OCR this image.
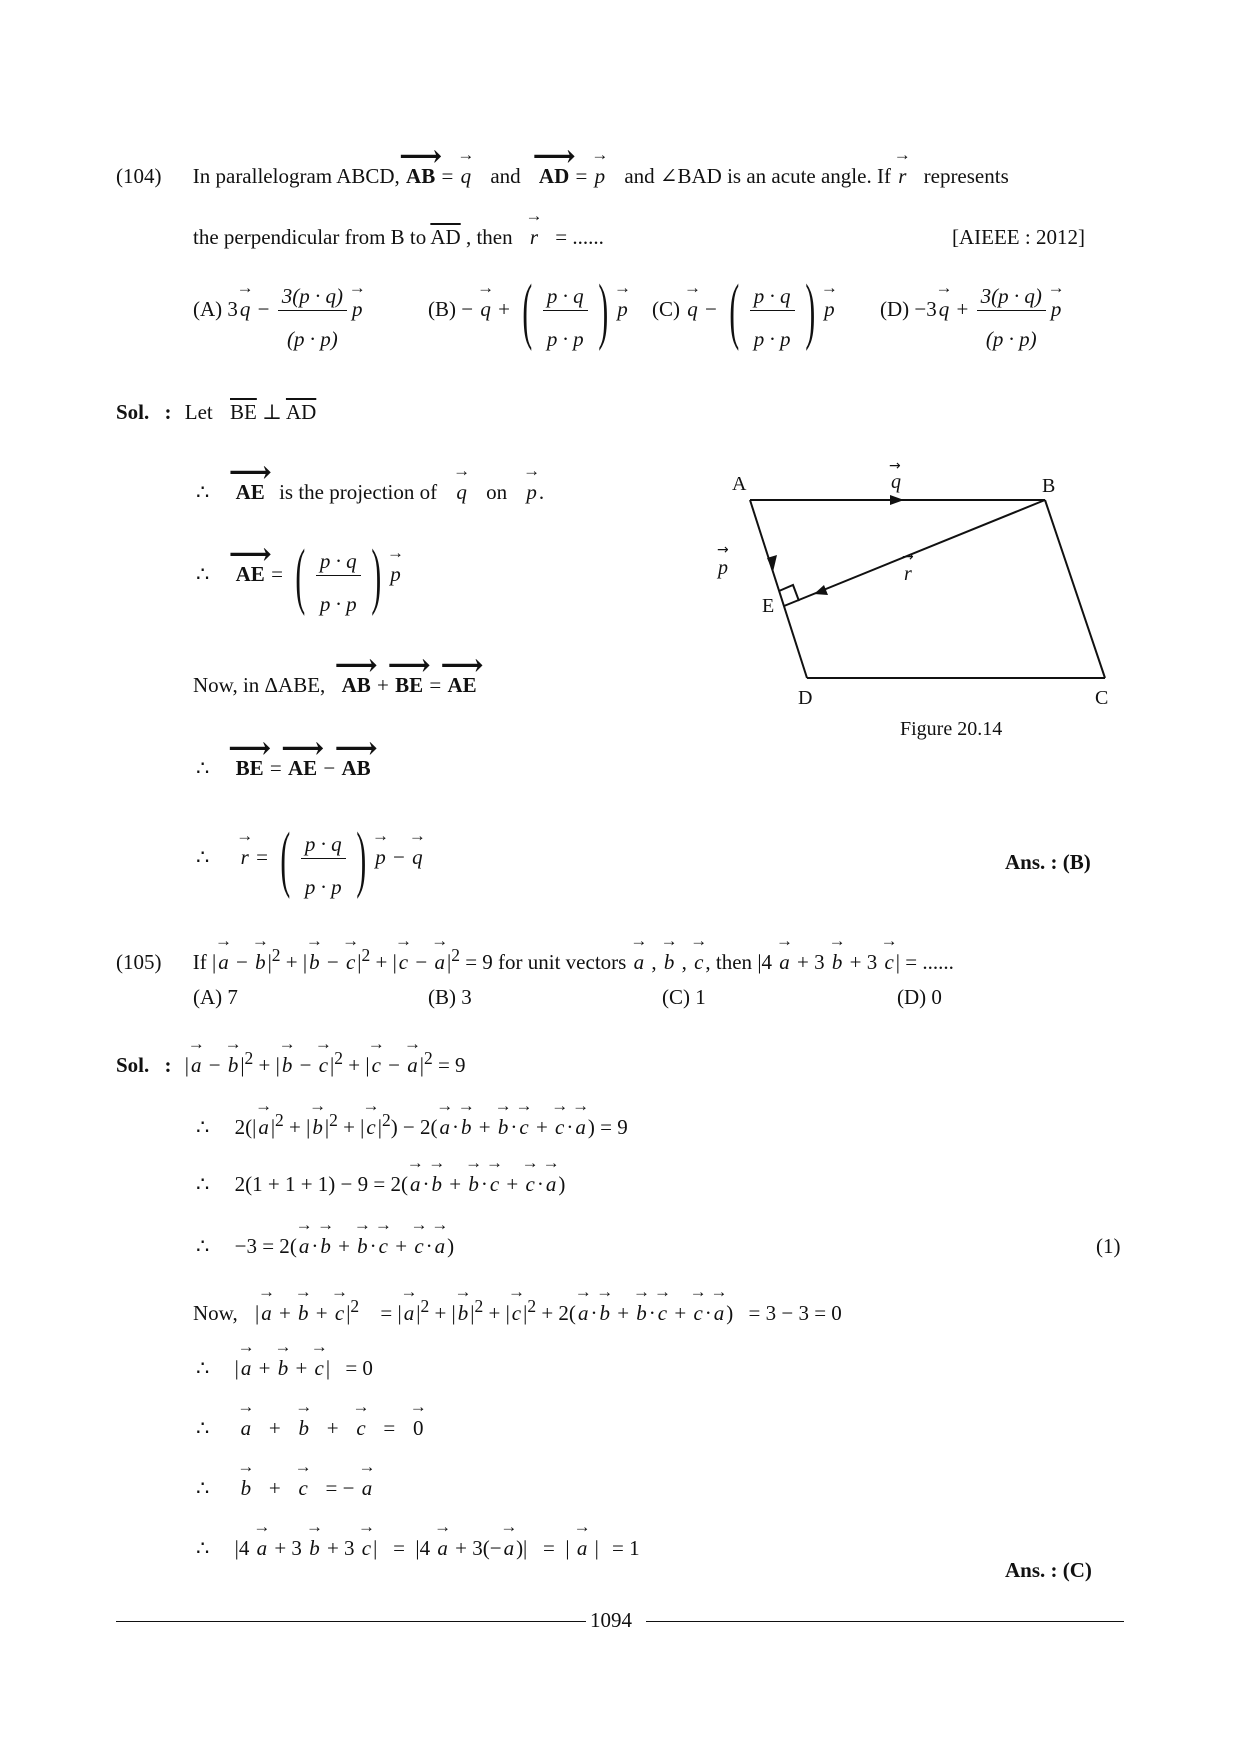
(104) In parallelogram ABCD, ⟶ AB = → q and ⟶ AD = → p and ∠BAD is an acute angle. If → r represents
the perpendicular from B to $\overline{AD}$ , then → r = ......	[AIEEE : 2012]
(A) $3\to q - \frac{3(p \cdot q)}{(p \cdot p)} \to p$	(B) − → q + ( $\frac{p \cdot q}{p \cdot p}$ ) → p (C) → q − ( $\frac{p \cdot q}{p \cdot p}$ ) → p $(D) -3\to q + \frac{3(p \cdot q)}{(p \cdot p)} \to p$
Sol. : Let $\overline{BE}$ ⊥ $\overline{AD}$
∴ ⟶ AE is the projection of → q on → p.
∴ ⟶ AE = ( $\frac{p \cdot q}{p \cdot p}$ ) → p
Now, in ΔABE, ⟶ AB + ⟶ BE = ⟶ AE
∴ ⟶ BE = ⟶ AE − ⟶ AB
∴ → r = ( $\frac{p \cdot q}{p \cdot p}$ ) → p − → q	Ans. : (B)
A	B
C
D
E
p
q
r
→
→
→
Figure 20.14
(105) If |→ a − → $b|^2$ + |→ b − → $c|^2$ + |→ c − → $a|^2 = 9$ for unit vectors → a , → b , → c, then |4 → a + 3 → b + 3 → c| = ......
(A) 7	(B) 3	(C) 1	(D) 0
Sol. : |→ a − → $b|^2$ + |→ b − → $c|^2$ + |→ c − → $a|^2 = 9$
∴ $2(|\to a|^2$ + |→ $b|^2$ + |→ $c|^2) - 2(\to a\cdot\to b$ + → b·→ c + → c·→ a) = 9
∴ 2(1 + 1 + 1) − 9 = 2(→ a·→ b + → b·→ c + → c·→ a)
∴ −3 = 2(→ a·→ b + → b·→ c + → c·→ a)	(1)
Now, |→ a + → b + → $c|^2$ = |→ $a|^2$ + |→ $b|^2$ + |→ $c|^2 + 2(\to a\cdot\to b$ + → b·→ c + → c·→ a) = 3 − 3 = 0
∴ |→ a + → b + → c| = 0
∴ → a   +   → b   +   → c   =   → 0
∴ → b   +   → c   = − → a
∴ |4 → a + 3 → b + 3 → c|   =  |4 → a + 3(−→ a)|   =  | → a | = 1
Ans. : (C)
1094
